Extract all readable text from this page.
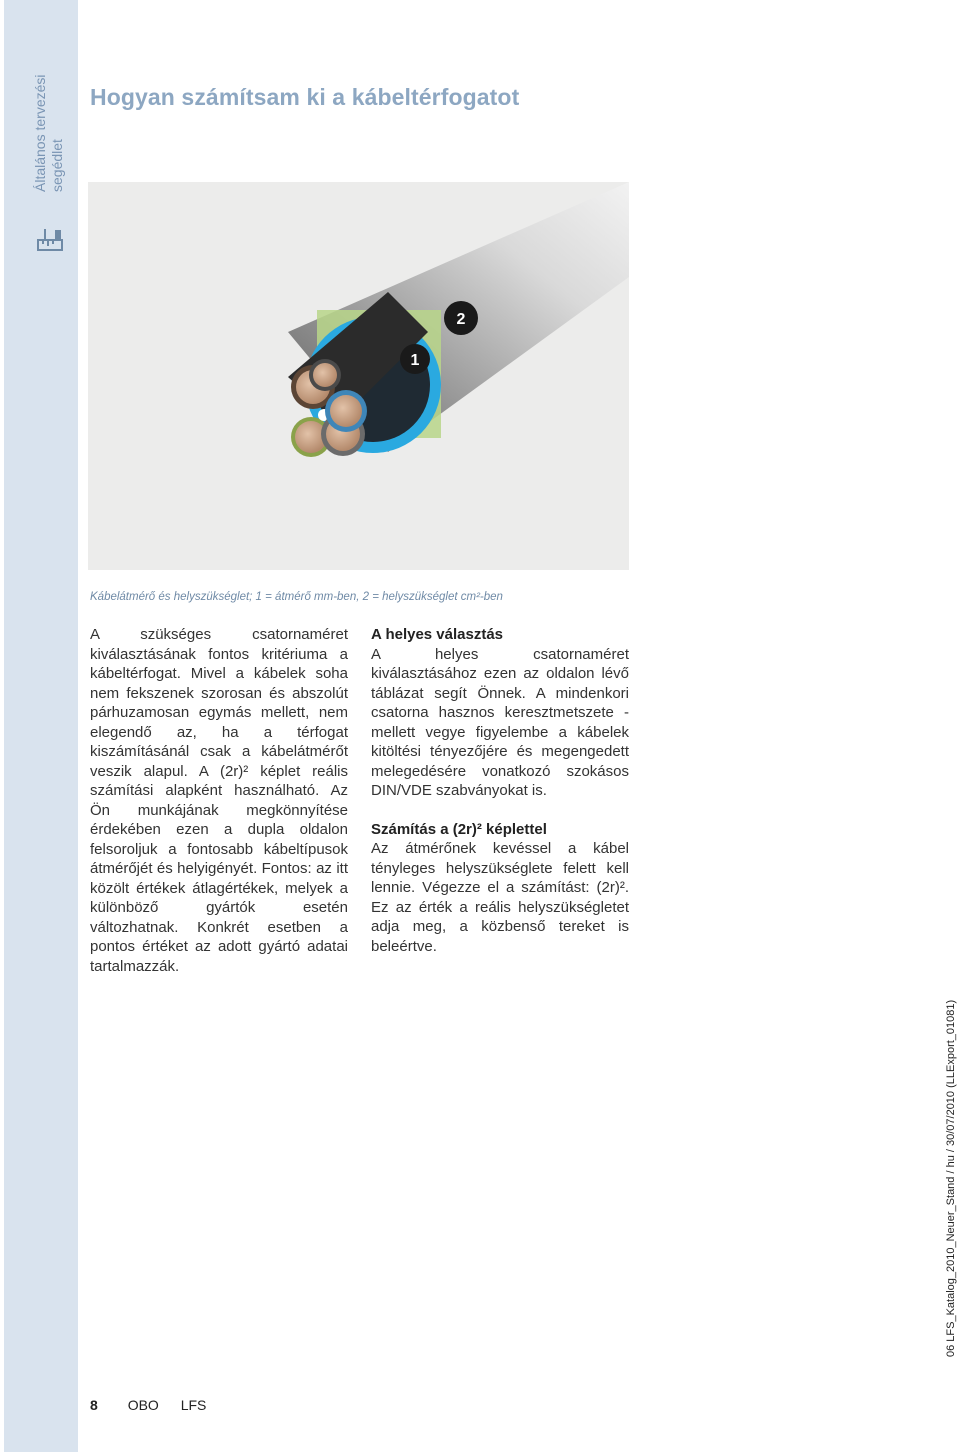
Általános tervezési segédlet
Hogyan számítsam ki a kábeltérfogatot
1
2

Kábelátmérő és helyszükséglet; 1 = átmérő mm-ben, 2 = helyszükséglet cm²-ben

A szükséges csatornaméret kiválasztásának fontos kritériuma a kábeltérfogat. Mivel a kábelek soha nem fekszenek szorosan és abszolút párhuzamosan egymás mellett, nem elegendő az, ha a térfogat kiszámításánál csak a kábelátmérőt veszik alapul. A (2r)² képlet reális számítási alapként használható. Az Ön munkájának megkönnyítése érdekében ezen a dupla oldalon felsoroljuk a fontosabb kábeltípusok átmérőjét és helyigényét. Fontos: az itt közölt értékek átlagértékek, melyek a különböző gyártók esetén változhatnak. Konkrét esetben a pontos értéket az adott gyártó adatai tartalmazzák.

A helyes választás

A helyes csatornaméret kiválasztásához ezen az oldalon lévő táblázat segít Önnek. A mindenkori csatorna hasznos keresztmetszete - mellett vegye figyelembe a kábelek kitöltési tényezőjére és megengedett melegedésére vonatkozó szokásos DIN/VDE szabványokat is.

Számítás a (2r)² képlettel

Az átmérőnek kevéssel a kábel tényleges helyszükséglete felett kell lennie. Végezze el a számítást: (2r)². Ez az érték a reális helyszükségletet adja meg, a közbenső tereket is beleértve.

8 OBO LFS
06 LFS_Katalog_2010_Neuer_Stand / hu / 30/07/2010 (LLExport_01081)
